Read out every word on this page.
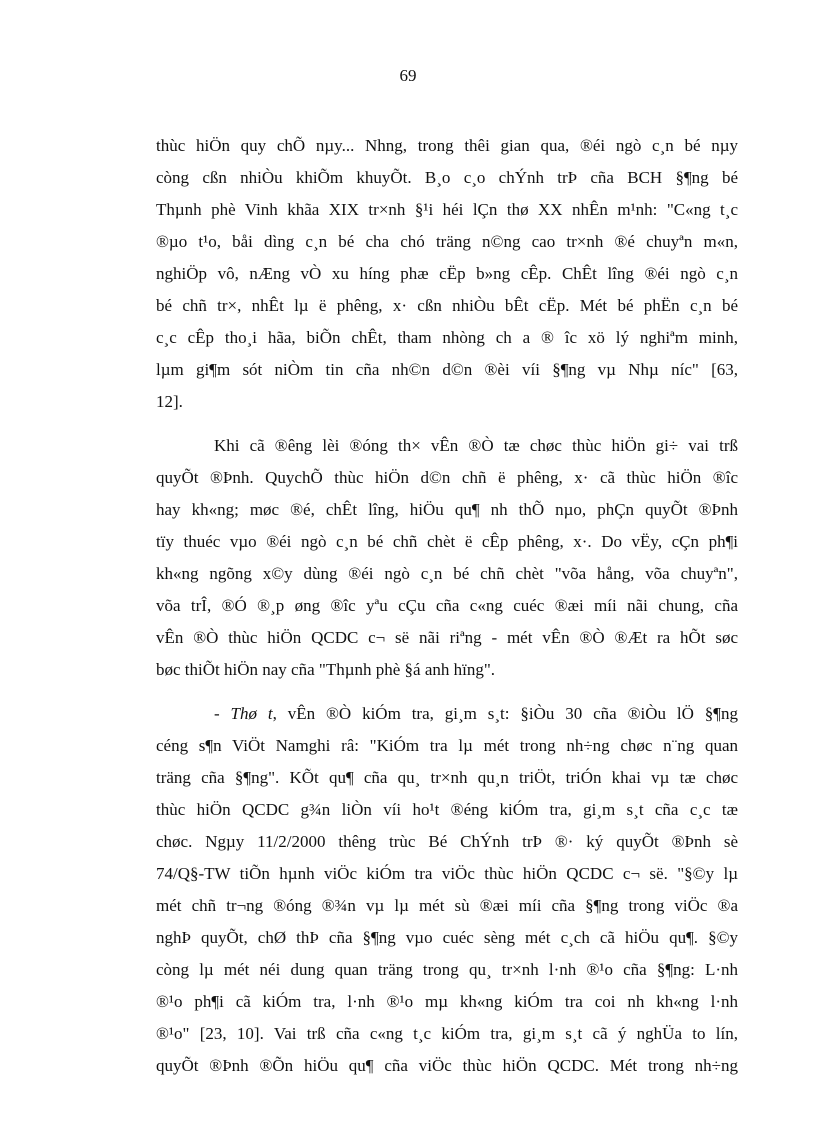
69
thùc hiÖn quy chÕ nµy... Nhng, trong thêi gian qua, ®éi ngò c¸n bé nµy
còng cßn nhiÒu khiÕm khuyÕt. B¸o c¸o chÝnh trÞ cña BCH §¶ng bé
Thµnh phè Vinh khãa XIX tr×nh §¹i héi lÇn thø XX nhÊn m¹nh: "C«ng t¸c
®µo t¹o, båi dìng c¸n bé cha chó träng n©ng cao tr×nh ®é chuyªn m«n,
nghiÖp vô, nÆng vÒ xu híng phæ cËp b»ng cÊp. ChÊt lîng ®éi ngò c¸n
bé chñ tr×, nhÊt lµ ë phêng, x· cßn nhiÒu bÊt cËp. Mét bé phËn c¸n bé
c¸c cÊp tho¸i hãa, biÕn chÊt, tham nhòng ch a ® îc xö lý nghiªm minh,
lµm gi¶m sót niÒm tin cña nh©n d©n ®èi víi §¶ng vµ Nhµ níc" [63,
12].
Khi cã ®êng lèi ®óng th× vÊn ®Ò tæ chøc thùc hiÖn gi÷ vai trß
quyÕt ®Þnh. QuychÕ thùc hiÖn d©n chñ ë phêng, x· cã thùc hiÖn ®îc
hay kh«ng; møc ®é, chÊt lîng, hiÖu qu¶ nh thÕ nµo, phÇn quyÕt ®Þnh
tïy thuéc vµo ®éi ngò c¸n bé chñ chèt ë cÊp phêng, x·. Do vËy, cÇn ph¶i
kh«ng ngõng x©y dùng ®éi ngò c¸n bé chñ chèt "võa hång, võa chuyªn",
võa trÎ, ®Ó ®¸p øng ®îc yªu cÇu cña c«ng cuéc ®æi míi nãi chung, cña
vÊn ®Ò thùc hiÖn QCDC c¬ së nãi riªng - mét vÊn ®Ò ®Æt ra hÕt søc
bøc thiÕt hiÖn nay cña "Thµnh phè §á anh hïng".
- Thø t, vÊn ®Ò kiÓm tra, gi¸m s¸t: §iÒu 30 cña ®iÒu lÖ §¶ng
céng s¶n ViÖt Namghi râ: "KiÓm tra lµ mét trong nh÷ng chøc n¨ng quan
träng cña §¶ng". KÕt qu¶ cña qu¸ tr×nh qu¸n triÖt, triÓn khai vµ tæ chøc
thùc hiÖn QCDC g¾n liÒn víi ho¹t ®éng kiÓm tra, gi¸m s¸t cña c¸c tæ
chøc. Ngµy 11/2/2000 thêng trùc Bé ChÝnh trÞ ®· ký quyÕt ®Þnh sè
74/Q§-TW tiÕn hµnh viÖc kiÓm tra viÖc thùc hiÖn QCDC c¬ së. "§©y lµ
mét chñ tr¬ng ®óng ®¾n vµ lµ mét sù ®æi míi cña §¶ng trong viÖc ®a
nghÞ quyÕt, chØ thÞ cña §¶ng vµo cuéc sèng mét c¸ch cã hiÖu qu¶. §©y
còng lµ mét néi dung quan träng trong qu¸ tr×nh l·nh ®¹o cña §¶ng: L·nh
®¹o ph¶i cã kiÓm tra, l·nh ®¹o mµ kh«ng kiÓm tra coi nh kh«ng l·nh
®¹o" [23, 10]. Vai trß cña c«ng t¸c kiÓm tra, gi¸m s¸t cã ý nghÜa to lín,
quyÕt ®Þnh ®Õn hiÖu qu¶ cña viÖc thùc hiÖn QCDC. Mét trong nh÷ng
